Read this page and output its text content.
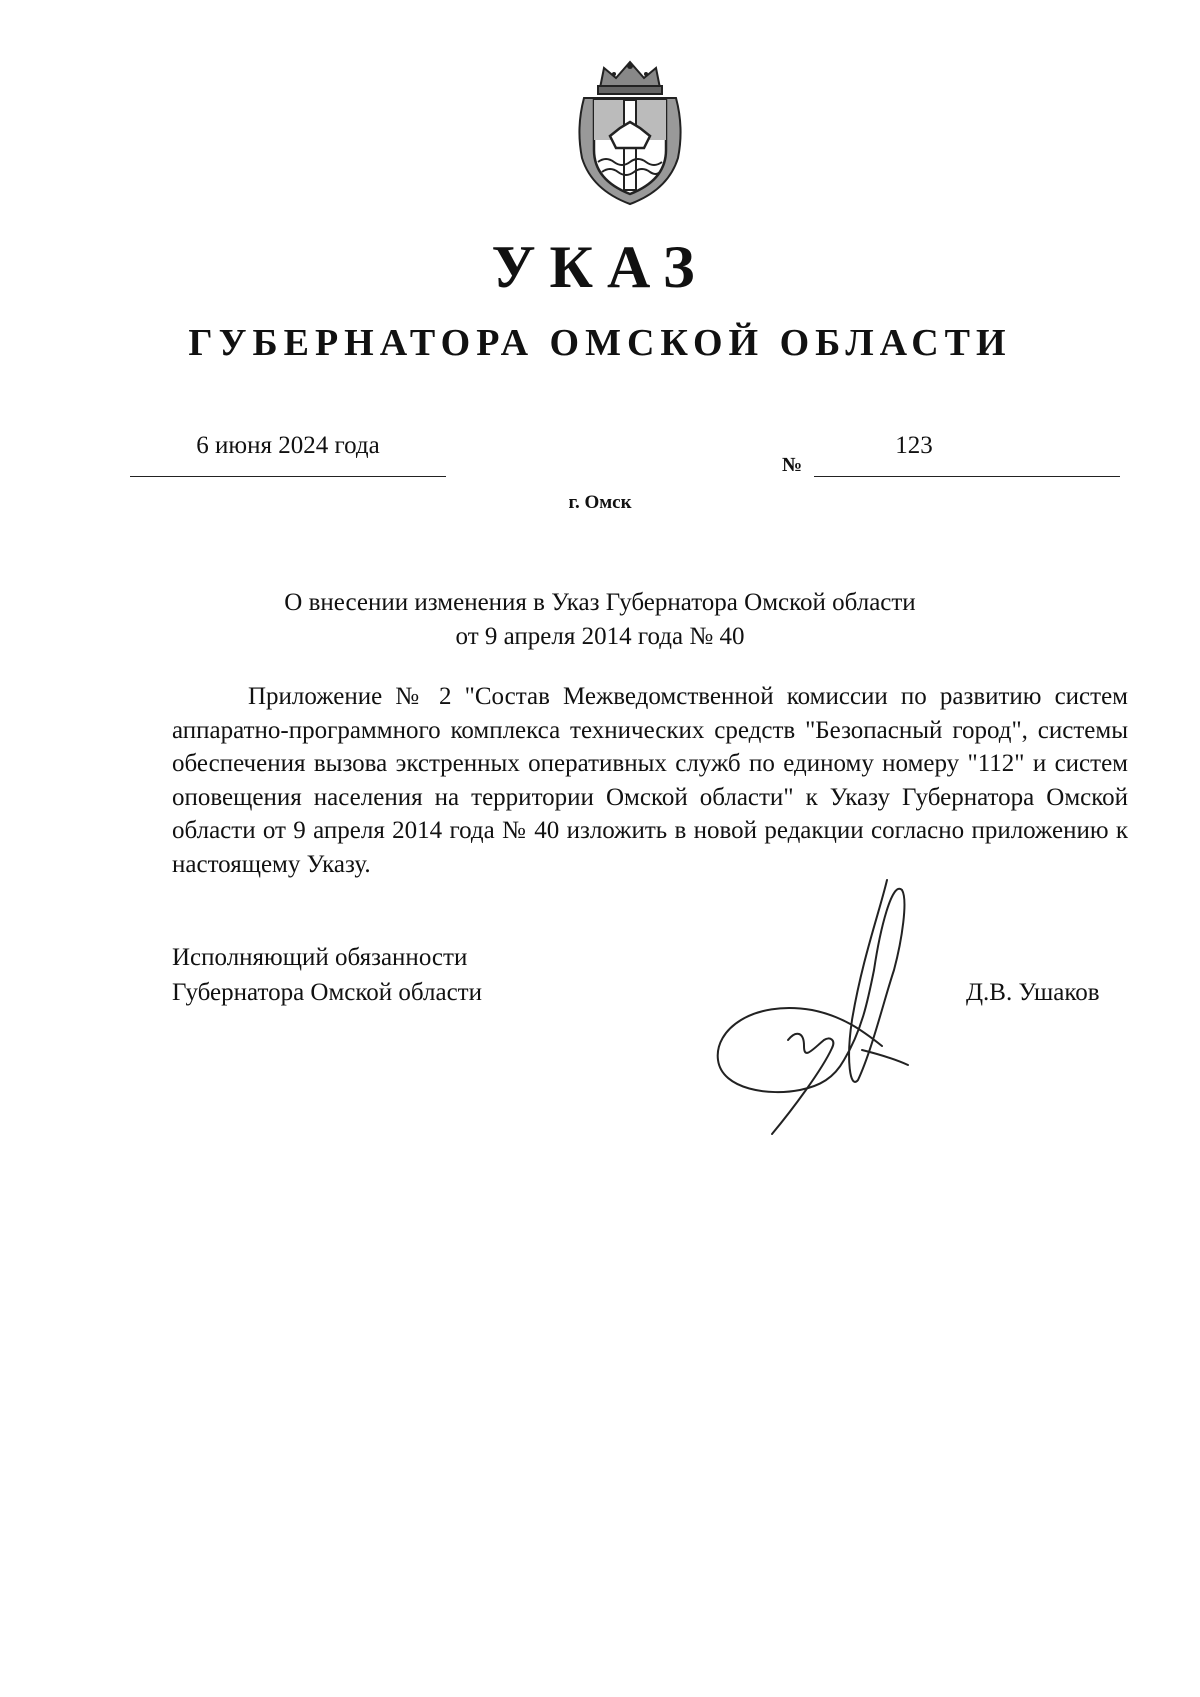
УКАЗ
ГУБЕРНАТОРА ОМСКОЙ ОБЛАСТИ
6 июня 2024 года
№
123
г. Омск
О внесении изменения в Указ Губернатора Омской области
от 9 апреля 2014 года № 40

Приложение № 2 "Состав Межведомственной комиссии по развитию систем аппаратно-программного комплекса технических средств "Безопасный город", системы обеспечения вызова экстренных оперативных служб по единому номеру "112" и систем оповещения населения на территории Омской области" к Указу Губернатора Омской области от 9 апреля 2014 года № 40 изложить в новой редакции согласно приложению к настоящему Указу.

Исполняющий обязанности
Губернатора Омской области	Д.В. Ушаков
